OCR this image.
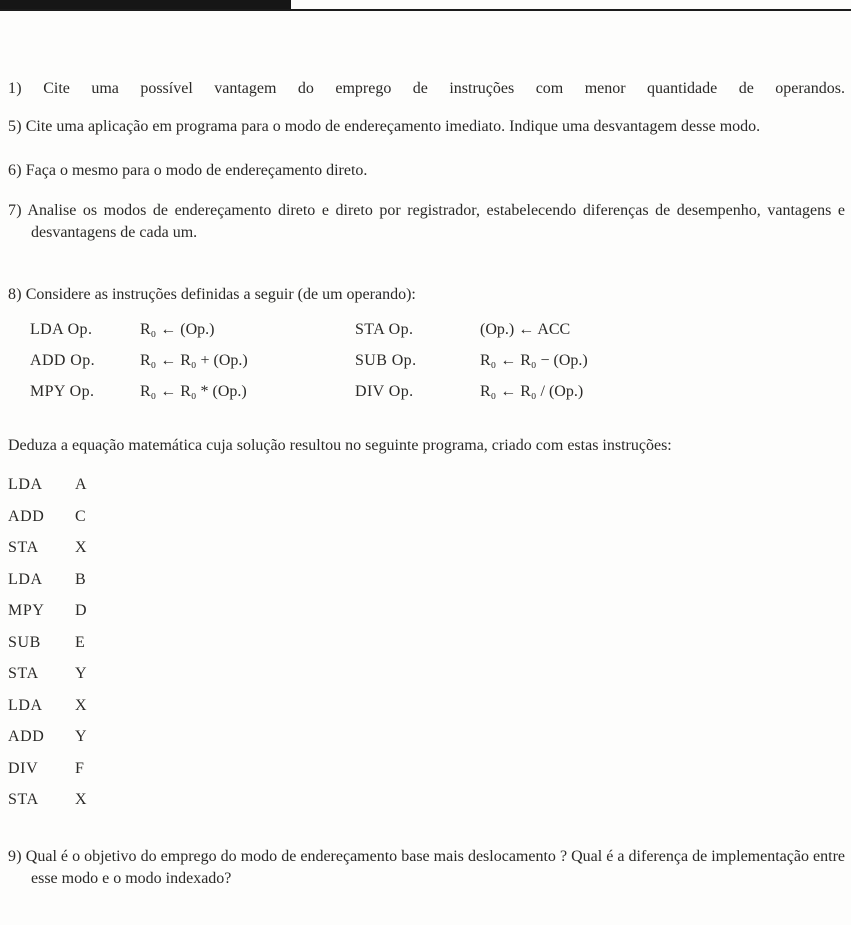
1) Cite uma possível vantagem do emprego de instruções com menor quantidade de operandos.

5) Cite uma aplicação em programa para o modo de endereçamento imediato. Indique uma desvantagem desse modo.

6) Faça o mesmo para o modo de endereçamento direto.

7) Analise os modos de endereçamento direto e direto por registrador, estabelecendo diferenças de desempenho, vantagens e desvantagens de cada um.

8) Considere as instruções definidas a seguir (de um operando):

LDA Op.	R₀ ← (Op.)	STA Op.	(Op.) ← ACC
ADD Op.	R₀ ← R₀ + (Op.)	SUB Op.	R₀ ← R₀ − (Op.)
MPY Op.	R₀ ← R₀ * (Op.)	DIV Op.	R₀ ← R₀ / (Op.)

Deduza a equação matemática cuja solução resultou no seguinte programa, criado com estas instruções:

LDA	A
ADD	C
STA	X
LDA	B
MPY	D
SUB	E
STA	Y
LDA	X
ADD	Y
DIV	F
STA	X

9) Qual é o objetivo do emprego do modo de endereçamento base mais deslocamento ? Qual é a diferença de implementação entre esse modo e o modo indexado?
